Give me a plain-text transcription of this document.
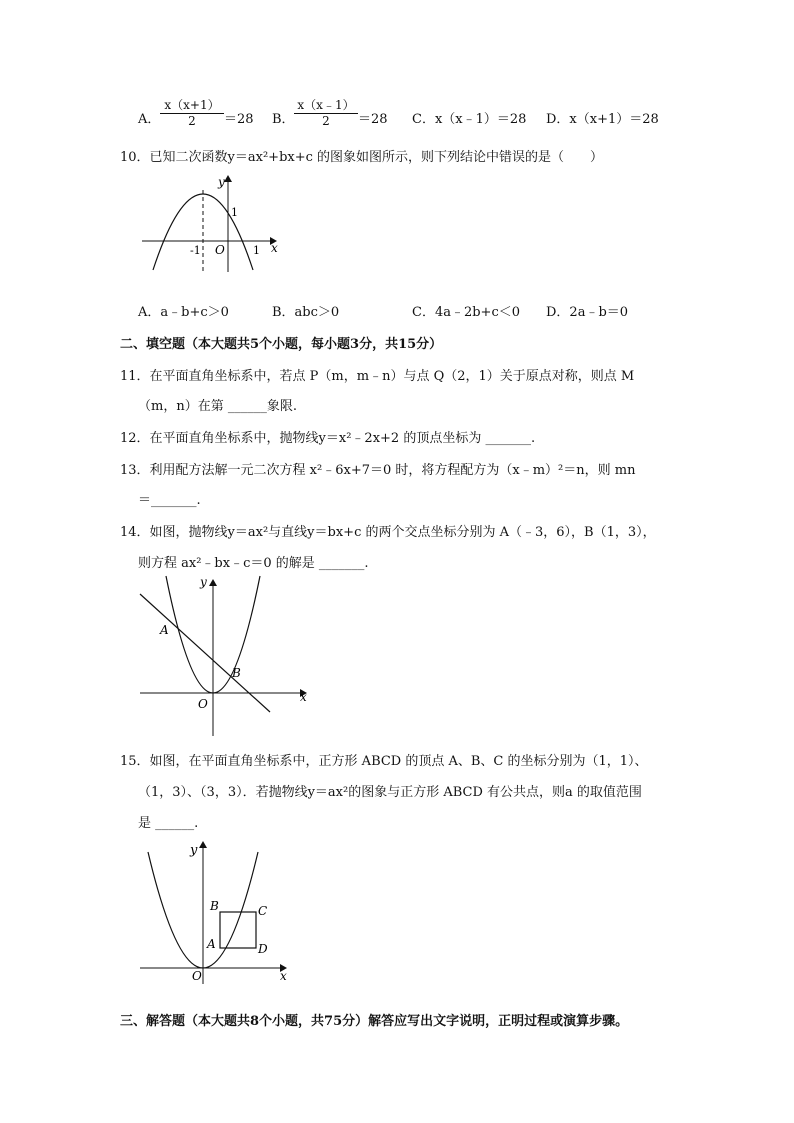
A．
x（x+1）
2	＝28 B．
x（x﹣1）
2	＝28 C．x（x﹣1）＝28 D．x（x+1）＝28
10．已知二次函数y＝ax²+bx+c 的图象如图所示，则下列结论中错误的是（　　）
y
1
-1 O	1 x
A．a﹣b+c＞0	B．abc＞0	C．4a﹣2b+c＜0 D．2a﹣b＝0
二、填空题（本大题共5个小题，每小题3分，共15分）
11．在平面直角坐标系中，若点 P（m，m﹣n）与点 Q（2，1）关于原点对称，则点 M
（m，n）在第 ______象限.
12．在平面直角坐标系中，抛物线y＝x²﹣2x+2 的顶点坐标为 _______.
13．利用配方法解一元二次方程 x²﹣6x+7＝0 时，将方程配方为（x﹣m）²＝n，则 mn
＝_______.
14．如图，抛物线y＝ax²与直线y＝bx+c 的两个交点坐标分别为 A（﹣3，6），B（1，3），
则方程 ax²﹣bx﹣c＝0 的解是 _______.
y
A
B
O	x
15．如图，在平面直角坐标系中，正方形 ABCD 的顶点 A、B、C 的坐标分别为（1，1）、
（1，3）、（3，3）．若抛物线y＝ax²的图象与正方形 ABCD 有公共点，则a 的取值范围
是 ______.
y
B	C
A	D
O	x
三、解答题（本大题共8个小题，共75分）解答应写出文字说明，正明过程或演算步骤。
